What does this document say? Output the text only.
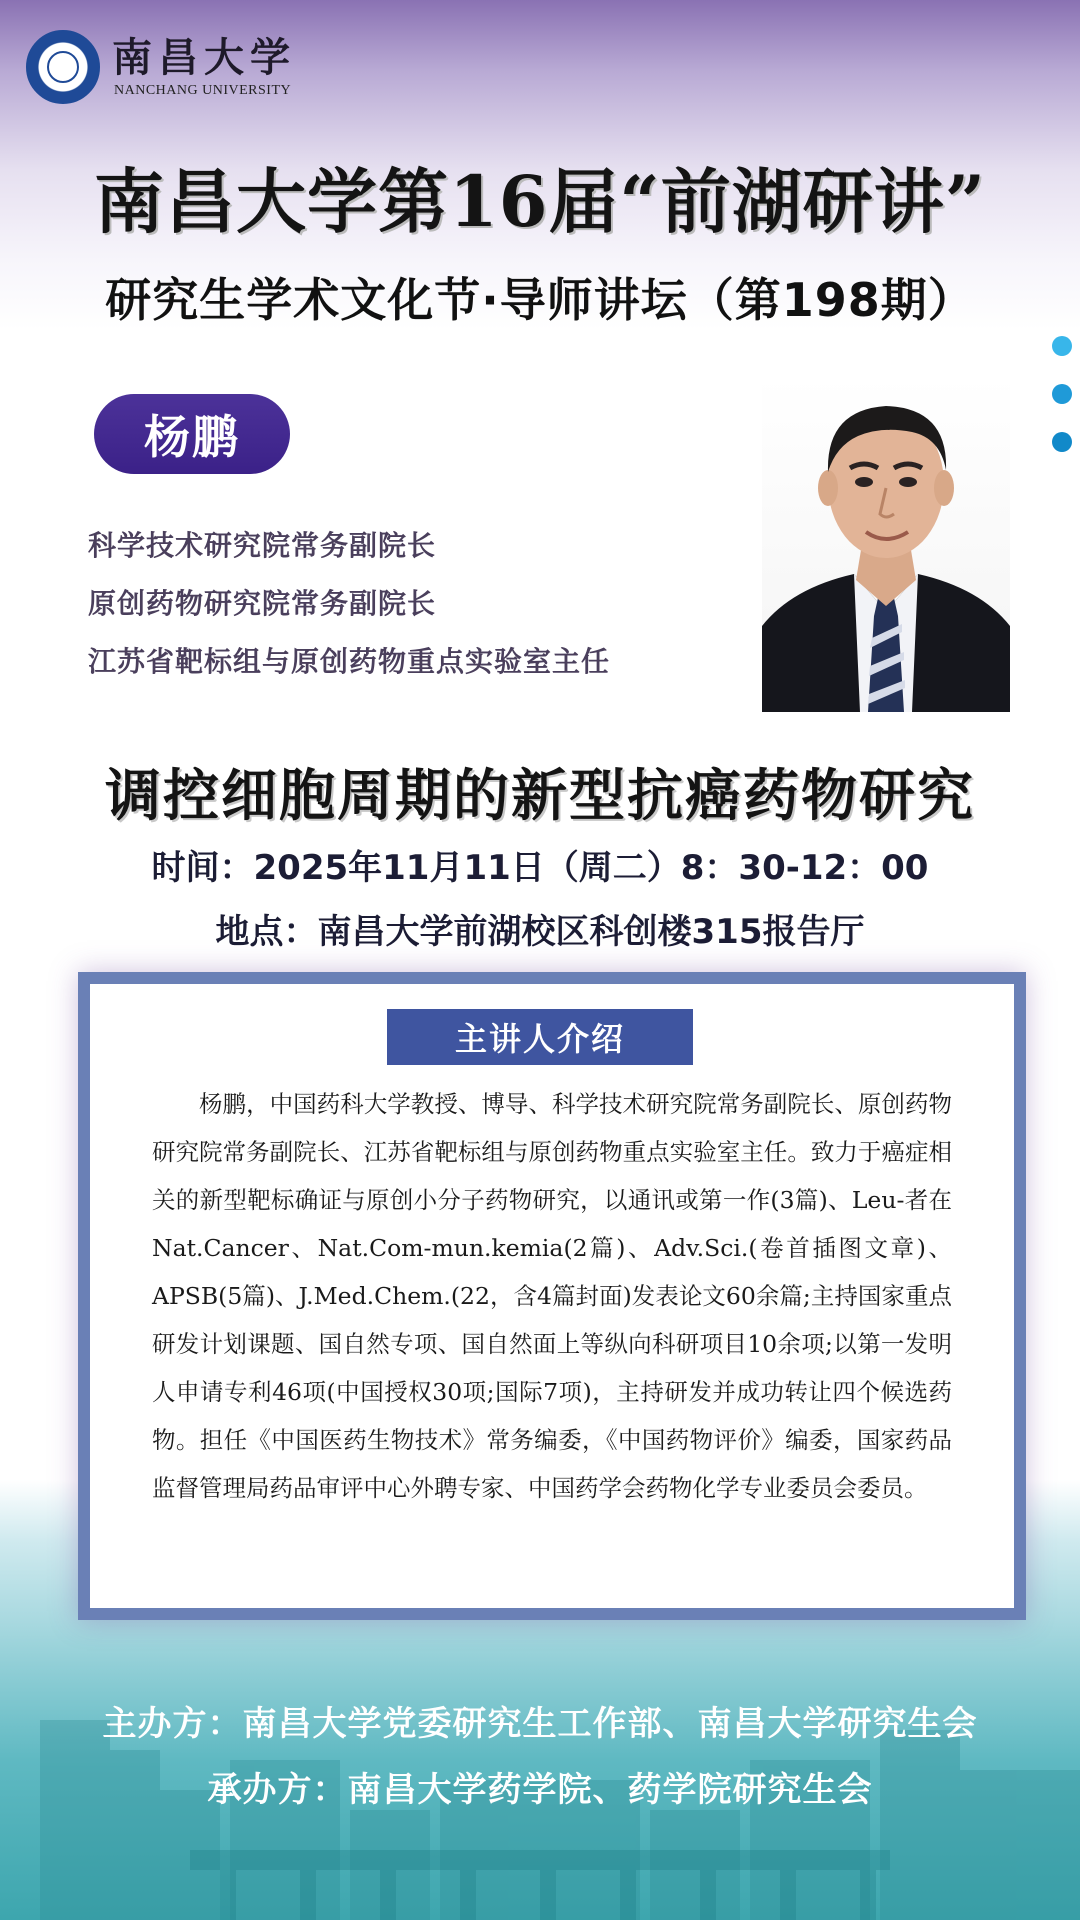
南昌大学
NANCHANG UNIVERSITY
南昌大学第16届“前湖研讲”
研究生学术文化节·导师讲坛（第198期）
杨鹏
科学技术研究院常务副院长
原创药物研究院常务副院长
江苏省靶标组与原创药物重点实验室主任
调控细胞周期的新型抗癌药物研究
时间：2025年11月11日（周二）8：30-12：00
地点：南昌大学前湖校区科创楼315报告厅
主讲人介绍

杨鹏，中国药科大学教授、博导、科学技术研究院常务副院长、原创药物研究院常务副院长、江苏省靶标组与原创药物重点实验室主任。致力于癌症相关的新型靶标确证与原创小分子药物研究，以通讯或第一作(3篇)、Leu-者在Nat.Cancer、Nat.Com-mun.kemia(2篇)、Adv.Sci.(卷首插图文章)、APSB(5篇)、J.Med.Chem.(22，含4篇封面)发表论文60余篇;主持国家重点研发计划课题、国自然专项、国自然面上等纵向科研项目10余项;以第一发明人申请专利46项(中国授权30项;国际7项)，主持研发并成功转让四个候选药物。担任《中国医药生物技术》常务编委，《中国药物评价》编委，国家药品监督管理局药品审评中心外聘专家、中国药学会药物化学专业委员会委员。

主办方：南昌大学党委研究生工作部、南昌大学研究生会
承办方：南昌大学药学院、药学院研究生会
